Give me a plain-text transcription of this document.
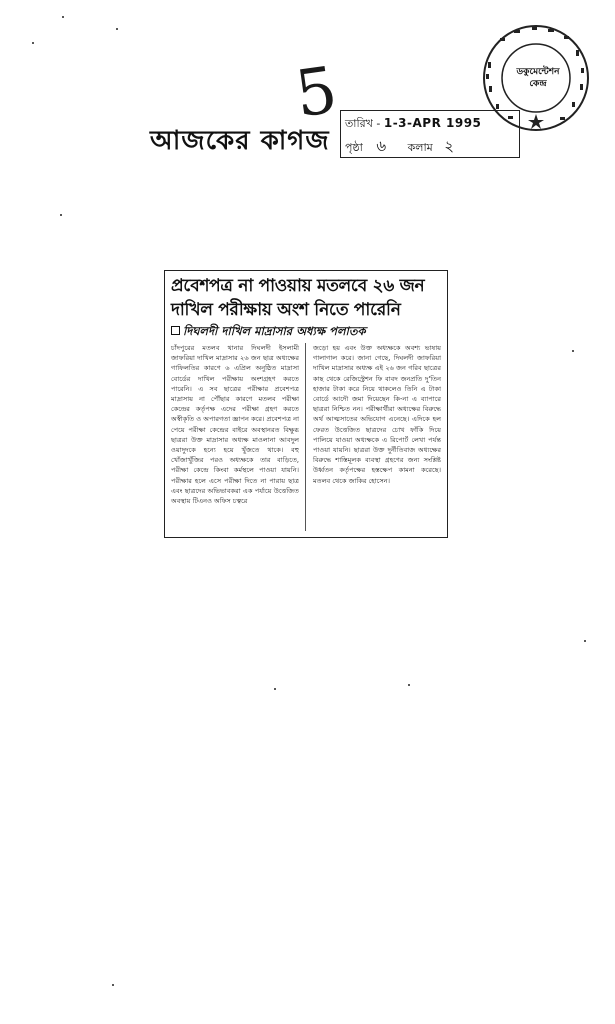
5
আজকের কাগজ
তারিখ - 1-3-APR 1995
পৃষ্ঠা ৬ কলাম ২
ডকুমেন্টেশন
কেন্দ্র
প্রবেশপত্র না পাওয়ায় মতলবে ২৬ জন
দাখিল পরীক্ষায় অংশ নিতে পারেনি
দিঘলদী দাখিল মাদ্রাসার অধ্যক্ষ পলাতক

চাঁদপুরের মতলব থানার দিঘলদী ইসলামী জাফরিয়া দাখিল মাদ্রাসার ২৬ জন ছাত্র অধ্যক্ষের গাফিলতির কারণে ৬ এপ্রিল অনুষ্ঠিত মাদ্রাসা বোর্ডের দাখিল পরীক্ষায় অংশগ্রহণ করতে পারেনি। এ সব ছাত্রের পরীক্ষার প্রবেশপত্র মাদ্রাসায় না পৌঁছার কারণে মতলব পরীক্ষা কেন্দ্রের কর্তৃপক্ষ এদের পরীক্ষা গ্রহণ করতে অস্বীকৃতি ও অপারগতা জ্ঞাপন করে। প্রবেশপত্র না পেয়ে পরীক্ষা কেন্দ্রের বাইরে অবস্থানরত বিক্ষুব্ধ ছাত্ররা উক্ত মাদ্রাসার অধ্যক্ষ মাওলানা আবদুল ওয়াদুদকে হন্যে হয়ে খুঁজতে থাকে। বহু খোঁজাখুঁজির পরও অধ্যক্ষকে তার বাড়িতে, পরীক্ষা কেন্দ্রে কিংবা কর্মস্থলে পাওয়া যায়নি। পরীক্ষার হলে এসে পরীক্ষা দিতে না পারায় ছাত্র এবং ছাত্রদের অভিভাবকরা এক পর্যায়ে উত্তেজিত অবস্থায় টিএনও অফিস চত্বরে

জড়ো হয় এবং উক্ত অধ্যক্ষকে অবশ্য ভাষায় গালাগাল করে। জানা গেছে, দিঘলদী জাফরিয়া দাখিল মাদ্রাসার অধ্যক্ষ এই ২৬ জন গরিব ছাত্রের কাছ থেকে রেজিস্ট্রেশন ফি বাবদ জনপ্রতি দু'তিন হাজার টাকা করে নিয়ে থাকলেও তিনি এ টাকা বোর্ডে আদৌ জমা দিয়েছেন কি-না এ ব্যাপারে ছাত্ররা নিশ্চিত নন। পরীক্ষার্থীরা অধ্যক্ষের বিরুদ্ধে অর্থ আত্মসাতের অভিযোগ এনেছে। এদিকে হল ফেরত উত্তেজিত ছাত্রদের চোখ ফাঁকি দিয়ে পালিয়ে যাওয়া অধ্যক্ষকে এ রিপোর্ট লেখা পর্যন্ত পাওয়া যায়নি। ছাত্ররা উক্ত দুর্নীতিবাজ অধ্যক্ষের বিরুদ্ধে শাস্তিমূলক ব্যবস্থা গ্রহণের জন্য সংশ্লিষ্ট উর্ধ্বতন কর্তৃপক্ষের হস্তক্ষেপ কামনা করেছে। মতলব থেকে জাকির হোসেন।
